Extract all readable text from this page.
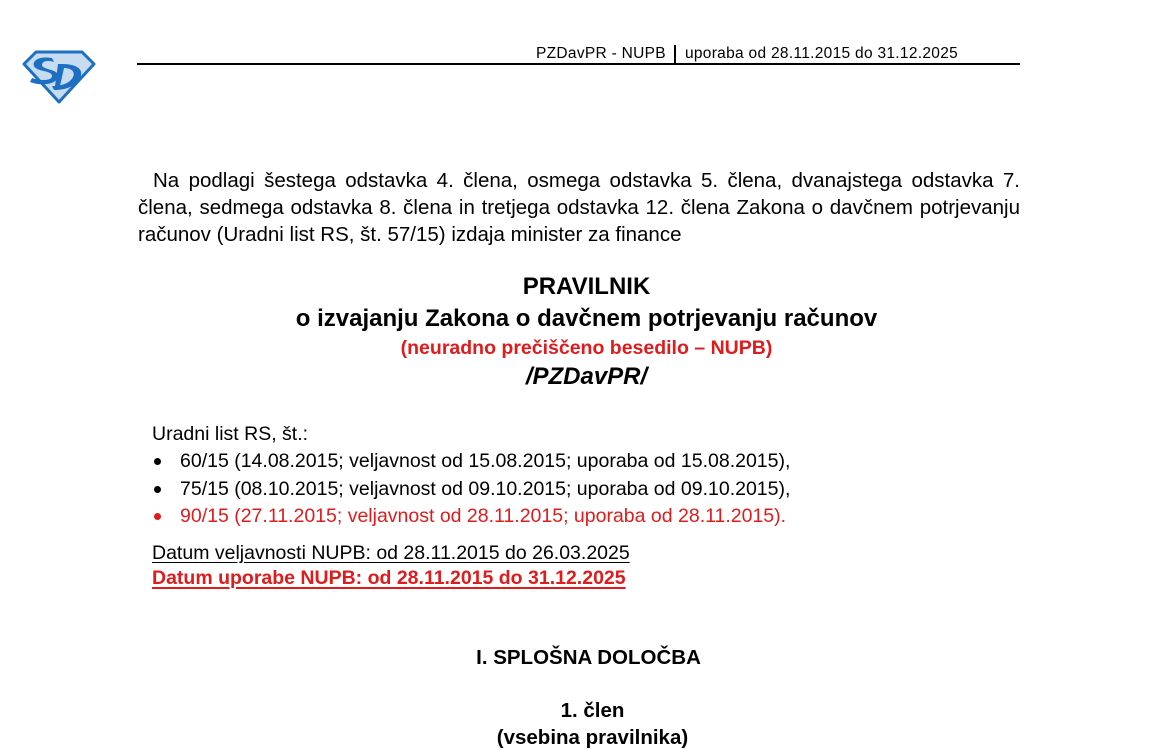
PZDavPR - NUPB uporaba od 28.11.2015 do 31.12.2025
Na podlagi šestega odstavka 4. člena, osmega odstavka 5. člena, dvanajstega odstavka 7. člena, sedmega odstavka 8. člena in tretjega odstavka 12. člena Zakona o davčnem potrjevanju računov (Uradni list RS, št. 57/15) izdaja minister za finance
PRAVILNIK
o izvajanju Zakona o davčnem potrjevanju računov
(neuradno prečiščeno besedilo – NUPB)
/PZDavPR/
Uradni list RS, št.:
60/15 (14.08.2015; veljavnost od 15.08.2015; uporaba od 15.08.2015),
75/15 (08.10.2015; veljavnost od 09.10.2015; uporaba od 09.10.2015),
90/15 (27.11.2015; veljavnost od 28.11.2015; uporaba od 28.11.2015).
Datum veljavnosti NUPB: od 28.11.2015 do 26.03.2025
Datum uporabe NUPB: od 28.11.2015 do 31.12.2025
I. SPLOŠNA DOLOČBA
1. člen
(vsebina pravilnika)
